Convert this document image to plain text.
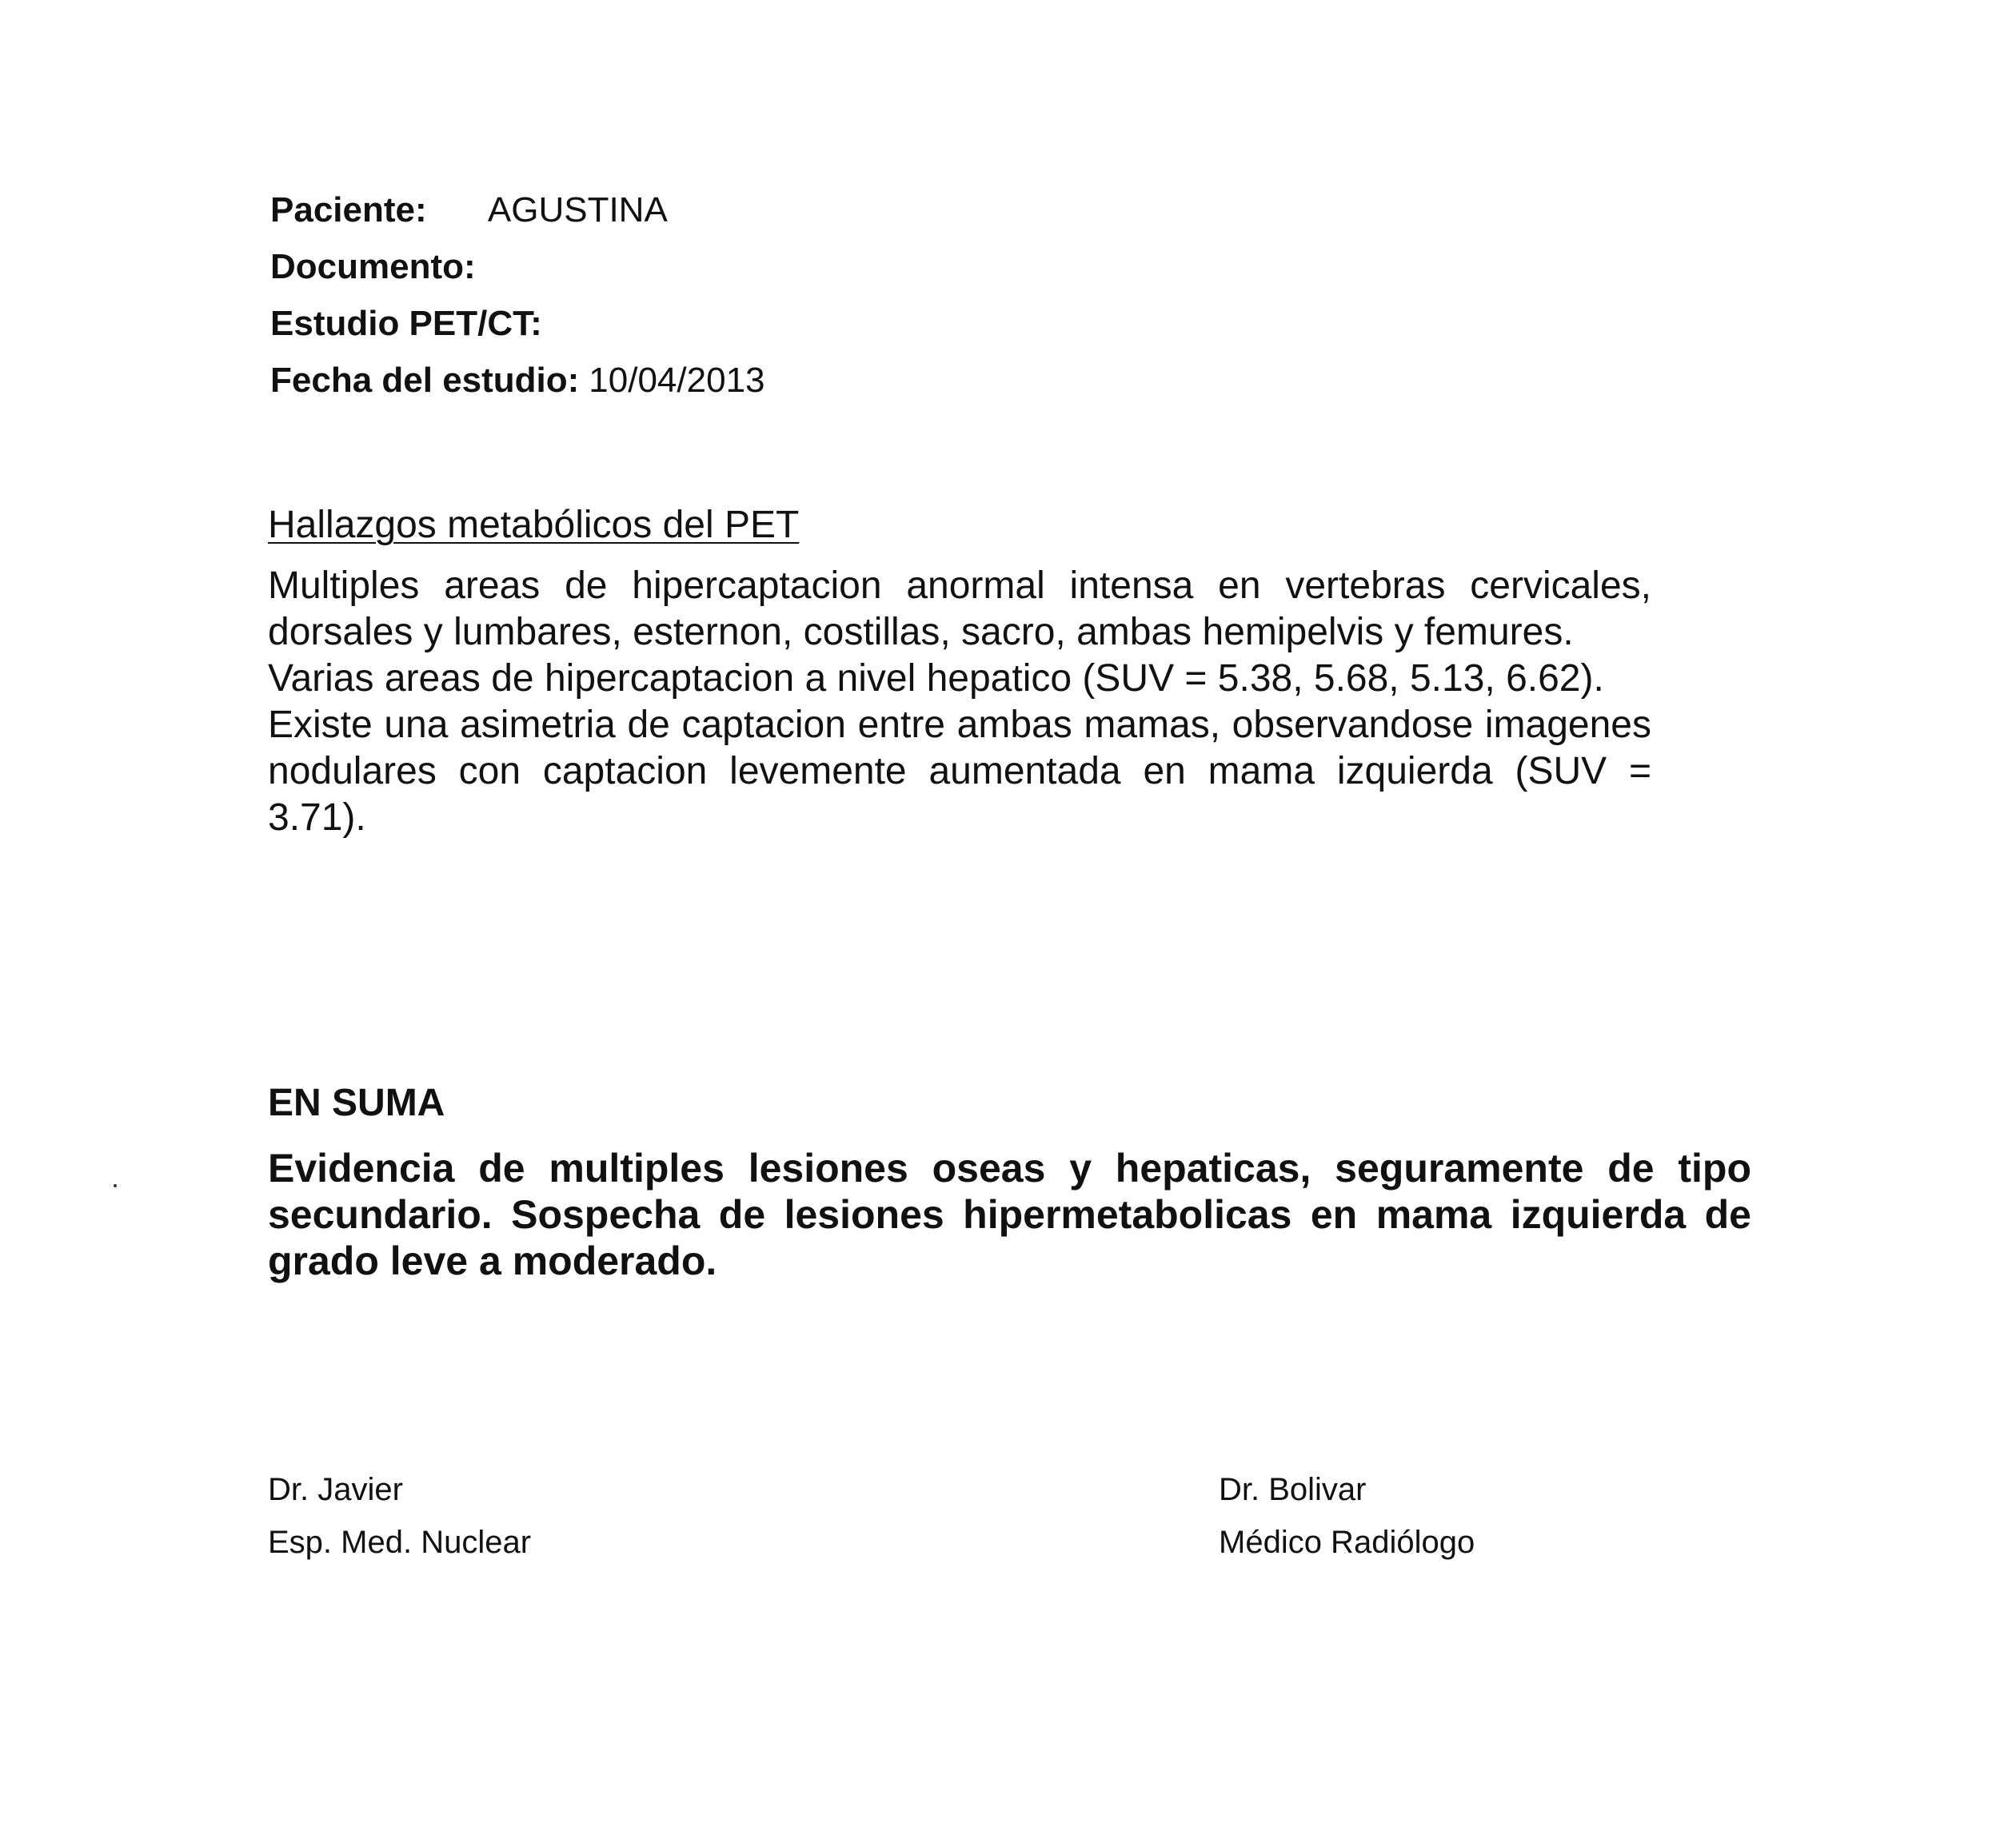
Paciente: AGUSTINA
Documento:
Estudio PET/CT:
Fecha del estudio: 10/04/2013
Hallazgos metabólicos del PET

Multiples areas de hipercaptacion anormal intensa en vertebras cervicales, dorsales y lumbares, esternon, costillas, sacro, ambas hemipelvis y femures.

Varias areas de hipercaptacion a nivel hepatico (SUV = 5.38, 5.68, 5.13, 6.62).

Existe una asimetria de captacion entre ambas mamas, observandose imagenes nodulares con captacion levemente aumentada en mama izquierda (SUV = 3.71).

EN SUMA

Evidencia de multiples lesiones oseas y hepaticas, seguramente de tipo secundario. Sospecha de lesiones hipermetabolicas en mama izquierda de grado leve a moderado.

Dr. Javier
Esp. Med. Nuclear
Dr. Bolivar
Médico Radiólogo
